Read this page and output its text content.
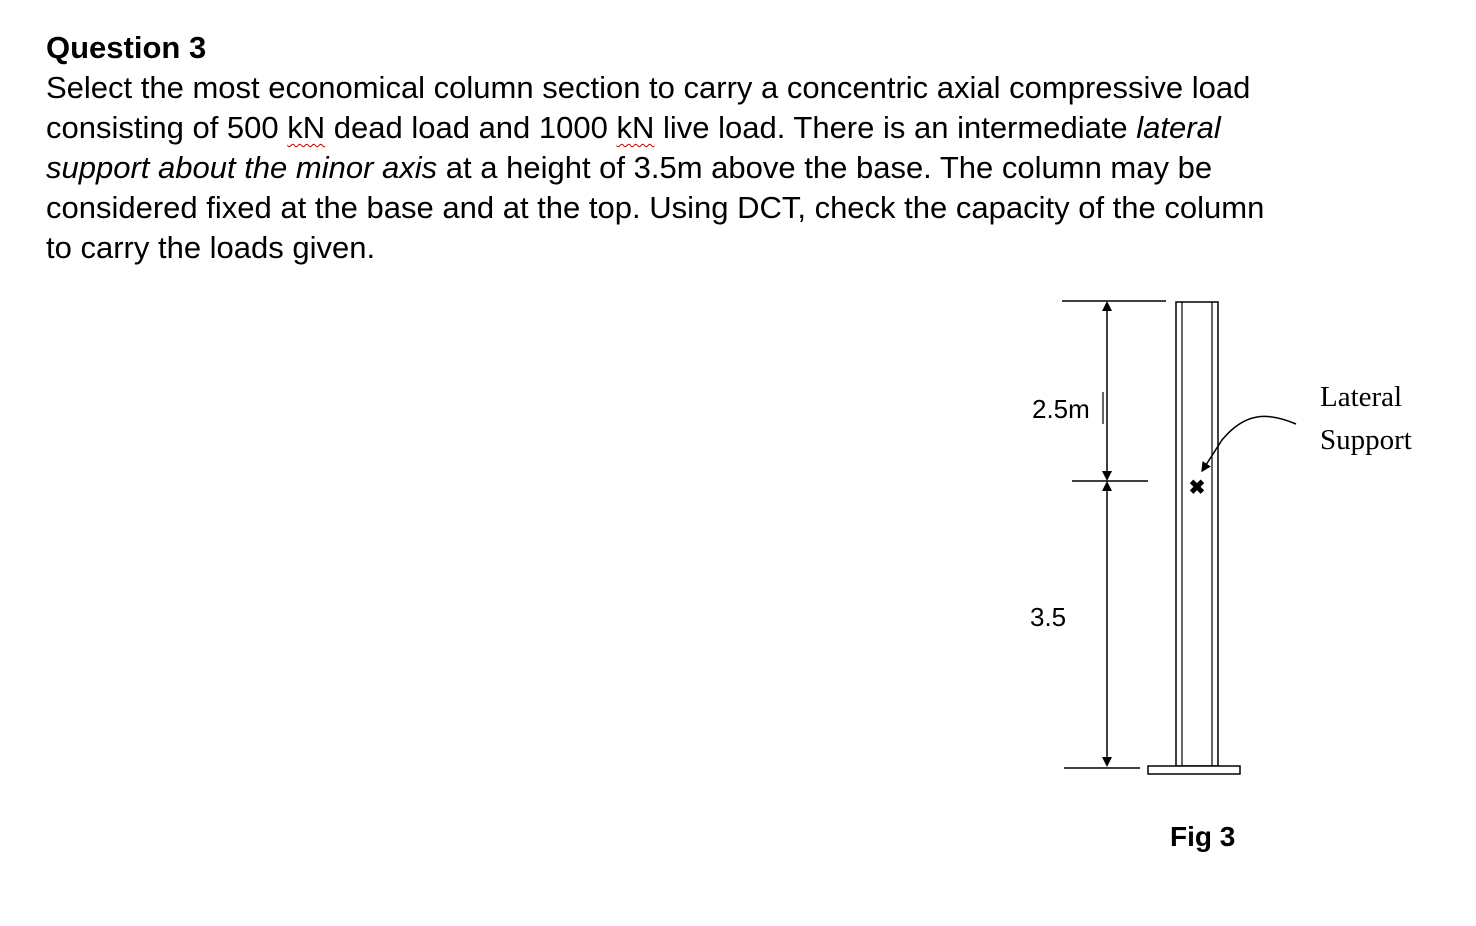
Question 3

Select the most economical column section to carry a concentric axial compressive load
consisting of 500 kN dead load and 1000 kN live load. There is an intermediate lateral
support about the minor axis at a height of 3.5m above the base. The column may be
considered fixed at the base and at the top. Using DCT, check the capacity of the column
to carry the loads given.

✖
2.5m
3.5
Lateral
Support
Fig 3
